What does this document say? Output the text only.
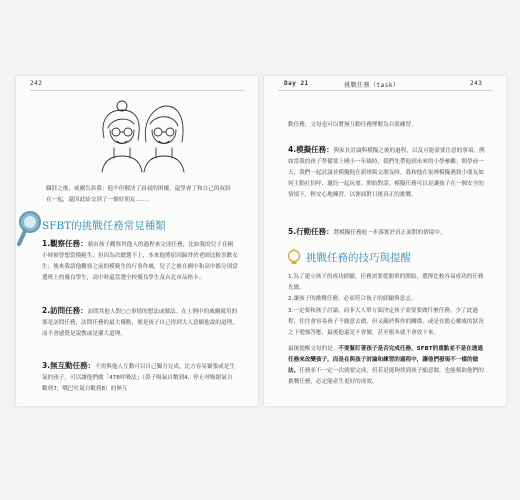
242
職涯之後，威爾告訴我：他不但解決了叔叔的困擾，還學會了和自己的叔叔在一起，還因此結交到了一個好朋友……。
SFBT的挑戰任務常見種類
1.觀察任務：藉由孩子觀察其他人的過程來完成任務，比如我的兒子在國小時候曾想當模範生，但因為次總選不上，本來他將原因歸咎於老師比較喜歡女生；後來我請他觀察之前的模範生的行事作風，兒子之後在國中和高中都分別當選班上的優良學生，高中時還當選全校優良學生及台北市品格卡。
2.訪問任務：訪問其他人對○○事情的想法或做法。在上例中的威爾就用的那是訪問任務，訪問任務的最大優點，便是孩子自己得到大人意願他說的道理，而不會感覺是說教或是灌大道理。
3.無互動任務：不需與他人互動可以自己獨力完成，比方容易緊張或是生氣的孩子，可以讓他們做「478呼吸法」（鼻子吸氣自數到4，停止呼吸閉氣自數到7，嘴巴吐氣自數到8）的無互
Day 21	挑戰任務（task）	243
動任務，父母也可以將無互動任務理解為自我練習。
4.模擬任務：與家長討論與模擬之後的過程，以及可能需要注意的事項，例如當我的孩子準備要上國小一年級時，我們先帶他到未來的小學參觀；開學前一天，我們一起討論並模擬他在新班級交朋友時，我和他在家裡模擬遇到小朋友如何主動打招呼，邀約一起玩耍、開始對話。模擬任務可以是讓孩子在一個安全的情境下，輕安心地練習，以便面對日後真正的挑戰。
5.行動任務：將模擬任務進一步落實於真正面對的情境中。
挑戰任務的技巧與提醒
1.為了建立孩子的成功經驗，任務需要從簡單的開始，選擇比較容易成功的任務先做。
2.讓孩子的挑戰任務，必須符合孩子的經驗與意志。
3.一定要和孩子討論，而非大人單方面決定孩子需要要做什麼任務。少了此過程，往往會容易孩子不願意去做，但又礙於與你的關係，或是在擔心權威的狀況之下勉強答應，最後他還是不會做，甚至根本就不會放下來。
最後提醒父母的是：不要緊盯著孩子是否完成任務，SFBT的重點並不是在透過任務來改變孩子，而是在與孩子討論和練習的過程中，讓他們發現不一樣的做法。任務並不一定一次就要完成，但若是能夠找到孩子願意做，也能幫助他們的挑戰任務，必定能產生更好的成效。
